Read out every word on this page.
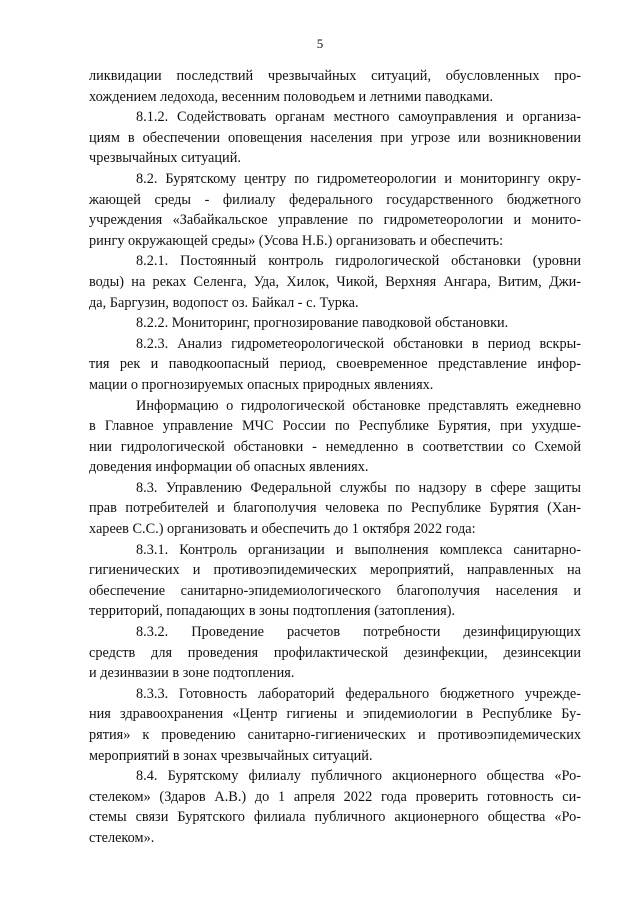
5
ликвидации последствий чрезвычайных ситуаций, обусловленных про-
хождением ледохода, весенним половодьем и летними паводками.
8.1.2. Содействовать органам местного самоуправления и организа-
циям в обеспечении оповещения населения при угрозе или возникновении
чрезвычайных ситуаций.
8.2. Бурятскому центру по гидрометеорологии и мониторингу окру-
жающей среды - филиалу федерального государственного бюджетного
учреждения «Забайкальское управление по гидрометеорологии и монито-
рингу окружающей среды» (Усова Н.Б.) организовать и обеспечить:
8.2.1. Постоянный контроль гидрологической обстановки (уровни
воды) на реках Селенга, Уда, Хилок, Чикой, Верхняя Ангара, Витим, Джи-
да, Баргузин, водопост оз. Байкал - с. Турка.
8.2.2. Мониторинг, прогнозирование паводковой обстановки.
8.2.3. Анализ гидрометеорологической обстановки в период вскры-
тия рек и паводкоопасный период, своевременное представление инфор-
мации о прогнозируемых опасных природных явлениях.
Информацию о гидрологической обстановке представлять ежедневно
в Главное управление МЧС России по Республике Бурятия, при ухудше-
нии гидрологической обстановки - немедленно в соответствии со Схемой
доведения информации об опасных явлениях.
8.3. Управлению Федеральной службы по надзору в сфере защиты
прав потребителей и благополучия человека по Республике Бурятия (Хан-
хареев С.С.) организовать и обеспечить до 1 октября 2022 года:
8.3.1. Контроль организации и выполнения комплекса санитарно-
гигиенических и противоэпидемических мероприятий, направленных на
обеспечение санитарно-эпидемиологического благополучия населения и
территорий, попадающих в зоны подтопления (затопления).
8.3.2. Проведение расчетов потребности дезинфицирующих
средств для проведения профилактической дезинфекции, дезинсекции
и дезинвазии в зоне подтопления.
8.3.3. Готовность лабораторий федерального бюджетного учрежде-
ния здравоохранения «Центр гигиены и эпидемиологии в Республике Бу-
рятия» к проведению санитарно-гигиенических и противоэпидемических
мероприятий в зонах чрезвычайных ситуаций.
8.4. Бурятскому филиалу публичного акционерного общества «Ро-
стелеком» (Здаров А.В.) до 1 апреля 2022 года проверить готовность си-
стемы связи Бурятского филиала публичного акционерного общества «Ро-
стелеком».
